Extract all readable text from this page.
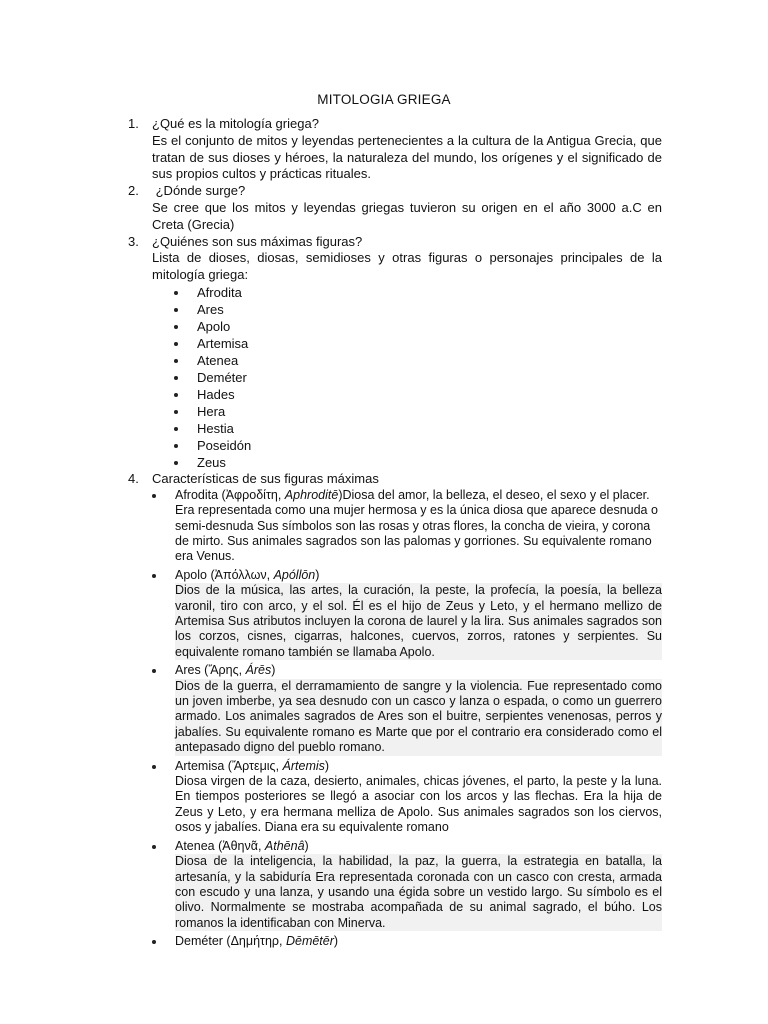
MITOLOGIA GRIEGA
1. ¿Qué es la mitología griega?
Es el conjunto de mitos y leyendas pertenecientes a la cultura de la Antigua Grecia, que tratan de sus dioses y héroes, la naturaleza del mundo, los orígenes y el significado de sus propios cultos y prácticas rituales.
2. ¿Dónde surge?
Se cree que los mitos y leyendas griegas tuvieron su origen en el año 3000 a.C en Creta (Grecia)
3. ¿Quiénes son sus máximas figuras?
Lista de dioses, diosas, semidioses y otras figuras o personajes principales de la mitología griega:
Afrodita
Ares
Apolo
Artemisa
Atenea
Deméter
Hades
Hera
Hestia
Poseidón
Zeus
4. Características de sus figuras máximas
Afrodita (Ἀφροδίτη, Aphroditē)Diosa del amor, la belleza, el deseo, el sexo y el placer. Era representada como una mujer hermosa y es la única diosa que aparece desnuda o semi-desnuda Sus símbolos son las rosas y otras flores, la concha de vieira, y corona de mirto. Sus animales sagrados son las palomas y gorriones. Su equivalente romano era Venus.
Apolo (Ἀπόλλων, Apóllōn)
Dios de la música, las artes, la curación, la peste, la profecía, la poesía, la belleza varonil, tiro con arco, y el sol. Él es el hijo de Zeus y Leto, y el hermano mellizo de Artemisa Sus atributos incluyen la corona de laurel y la lira. Sus animales sagrados son los corzos, cisnes, cigarras, halcones, cuervos, zorros, ratones y serpientes. Su equivalente romano también se llamaba Apolo.
Ares (Ἄρης, Árēs)
Dios de la guerra, el derramamiento de sangre y la violencia. Fue representado como un joven imberbe, ya sea desnudo con un casco y lanza o espada, o como un guerrero armado. Los animales sagrados de Ares son el buitre, serpientes venenosas, perros y jabalíes. Su equivalente romano es Marte que por el contrario era considerado como el antepasado digno del pueblo romano.
Artemisa (Ἄρτεμις, Ártemis)
Diosa virgen de la caza, desierto, animales, chicas jóvenes, el parto, la peste y la luna. En tiempos posteriores se llegó a asociar con los arcos y las flechas. Era la hija de Zeus y Leto, y era hermana melliza de Apolo. Sus animales sagrados son los ciervos, osos y jabalíes. Diana era su equivalente romano
Atenea (Ἀθηνᾶ, Athēnâ)
Diosa de la inteligencia, la habilidad, la paz, la guerra, la estrategia en batalla, la artesanía, y la sabiduría Era representada coronada con un casco con cresta, armada con escudo y una lanza, y usando una égida sobre un vestido largo. Su símbolo es el olivo. Normalmente se mostraba acompañada de su animal sagrado, el búho. Los romanos la identificaban con Minerva.
Deméter (Δημήτηρ, Dēmētēr)
